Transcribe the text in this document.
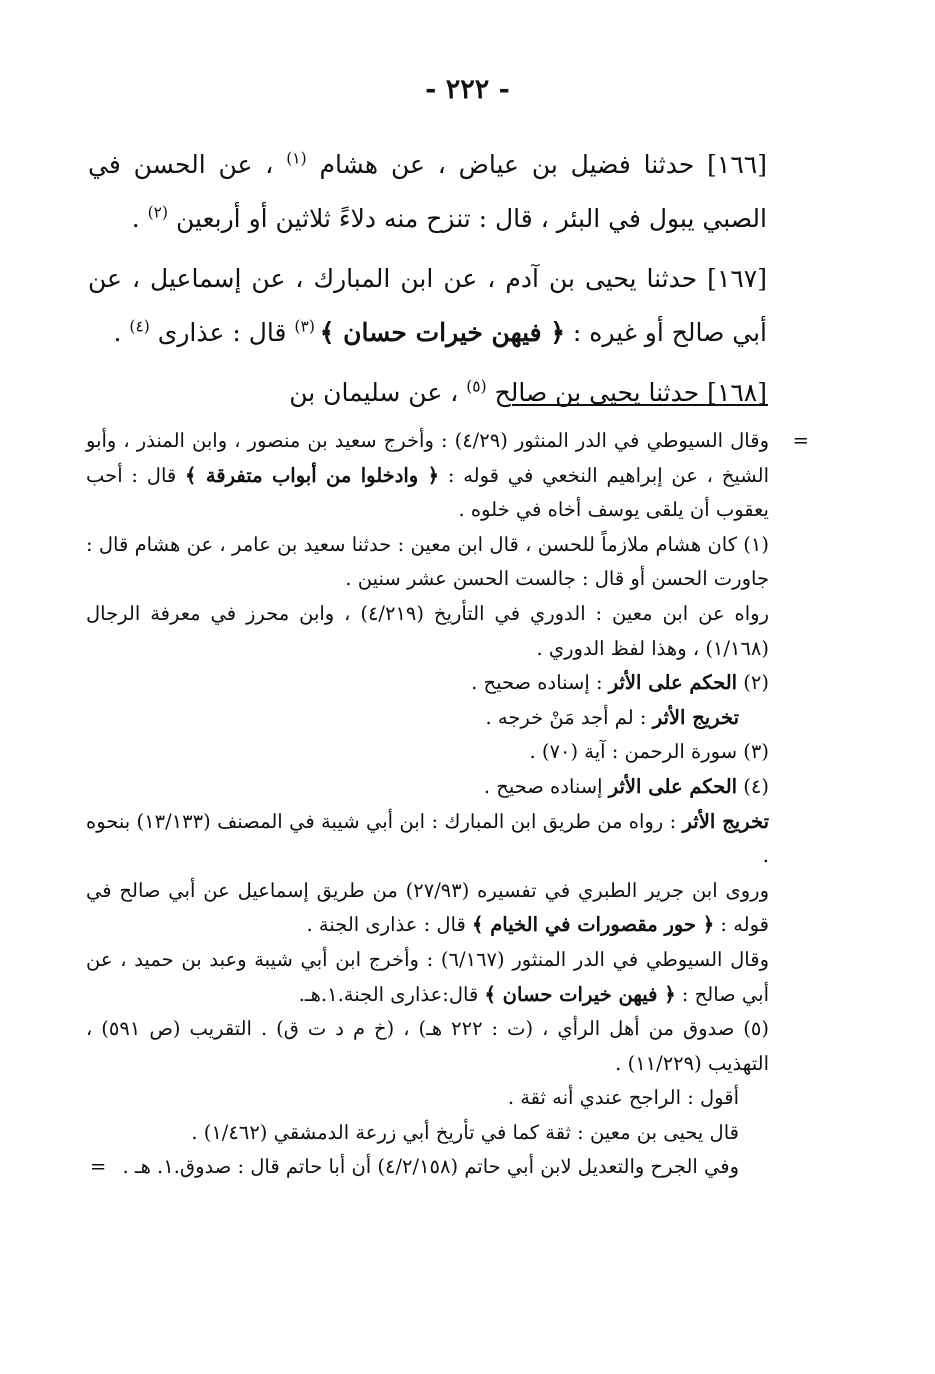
- ٢٢٢ -

[١٦٦] حدثنا فضيل بن عياض ، عن هشام $^{(١)}$ ، عن الحسن في الصبي يبول في البئر ، قال : تنزح منه دلاءً ثلاثين أو أربعين $^{(٢)}$ .

[١٦٧] حدثنا يحيى بن آدم ، عن ابن المبارك ، عن إسماعيل ، عن أبي صالح أو غيره : ﴿ فيهن خيرات حسان ﴾ $^{(٣)}$ قال : عذارى $^{(٤)}$ .

[١٦٨] حدثنا يحيى بن صالح $^{(٥)}$ ، عن سليمان بن

=
وقال السيوطي في الدر المنثور (٤/٢٩) : وأخرج سعيد بن منصور ، وابن المنذر ، وأبو الشيخ ، عن إبراهيم النخعي في قوله : ﴿ وادخلوا من أبواب متفرقة ﴾ قال : أحب يعقوب أن يلقى يوسف أخاه في خلوه .

(١) كان هشام ملازماً للحسن ، قال ابن معين : حدثنا سعيد بن عامر ، عن هشام قال : جاورت الحسن أو قال : جالست الحسن عشر سنين .

رواه عن ابن معين : الدوري في التأريخ (٤/٢١٩) ، وابن محرز في معرفة الرجال (١/١٦٨) ، وهذا لفظ الدوري .

(٢) الحكم على الأثر : إسناده صحيح .

تخريج الأثر : لم أجد مَنْ خرجه .

(٣) سورة الرحمن : آية (٧٠) .

(٤) الحكم على الأثر إسناده صحيح .

تخريج الأثر : رواه من طريق ابن المبارك : ابن أبي شيبة في المصنف (١٣/١٣٣) بنحوه .

وروى ابن جرير الطبري في تفسيره (٢٧/٩٣) من طريق إسماعيل عن أبي صالح في قوله : ﴿ حور مقصورات في الخيام ﴾ قال : عذارى الجنة .

وقال السيوطي في الدر المنثور (٦/١٦٧) : وأخرج ابن أبي شيبة وعبد بن حميد ، عن أبي صالح : ﴿ فيهن خيرات حسان ﴾ قال:عذارى الجنة.١.هـ.

(٥) صدوق من أهل الرأي ، (ت : ٢٢٢ هـ) ، (خ م د ت ق) . التقريب (ص ٥٩١) ، التهذيب (١١/٢٢٩) .

أقول : الراجح عندي أنه ثقة .

قال يحيى بن معين : ثقة كما في تأريخ أبي زرعة الدمشقي (١/٤٦٢) .

وفي الجرح والتعديل لابن أبي حاتم (٤/٢/١٥٨) أن أبا حاتم قال : صدوق.١. هـ .
=
